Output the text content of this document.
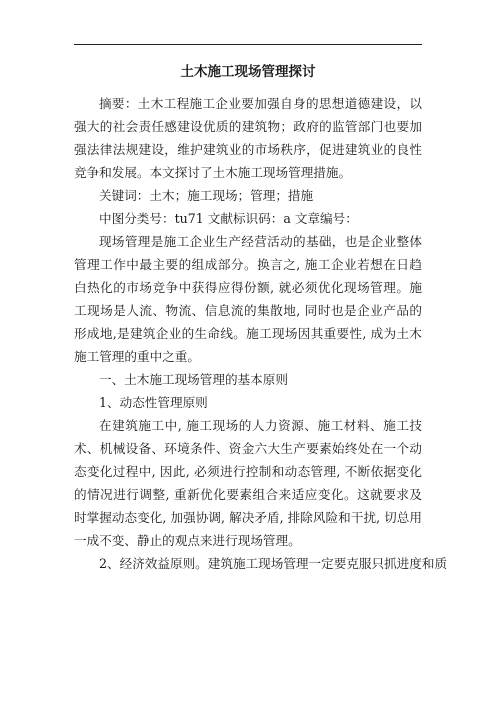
土木施工现场管理探讨

摘要：土木工程施工企业要加强自身的思想道德建设，以强大的社会责任感建设优质的建筑物；政府的监管部门也要加强法律法规建设，维护建筑业的市场秩序，促进建筑业的良性竞争和发展。本文探讨了土木施工现场管理措施。

关键词：土木；施工现场；管理；措施

中图分类号：tu71 文献标识码：a 文章编号：

现场管理是施工企业生产经营活动的基础，也是企业整体管理工作中最主要的组成部分。换言之, 施工企业若想在日趋白热化的市场竞争中获得应得份额, 就必须优化现场管理。施工现场是人流、物流、信息流的集散地, 同时也是企业产品的形成地,是建筑企业的生命线。施工现场因其重要性, 成为土木施工管理的重中之重。

一、土木施工现场管理的基本原则

1、动态性管理原则

在建筑施工中, 施工现场的人力资源、施工材料、施工技术、机械设备、环境条件、资金六大生产要素始终处在一个动态变化过程中, 因此, 必须进行控制和动态管理, 不断依据变化的情况进行调整, 重新优化要素组合来适应变化。这就要求及时掌握动态变化, 加强协调, 解决矛盾, 排除风险和干扰, 切总用一成不变、静止的观点来进行现场管理。

2、经济效益原则。建筑施工现场管理一定要克服只抓进度和质
